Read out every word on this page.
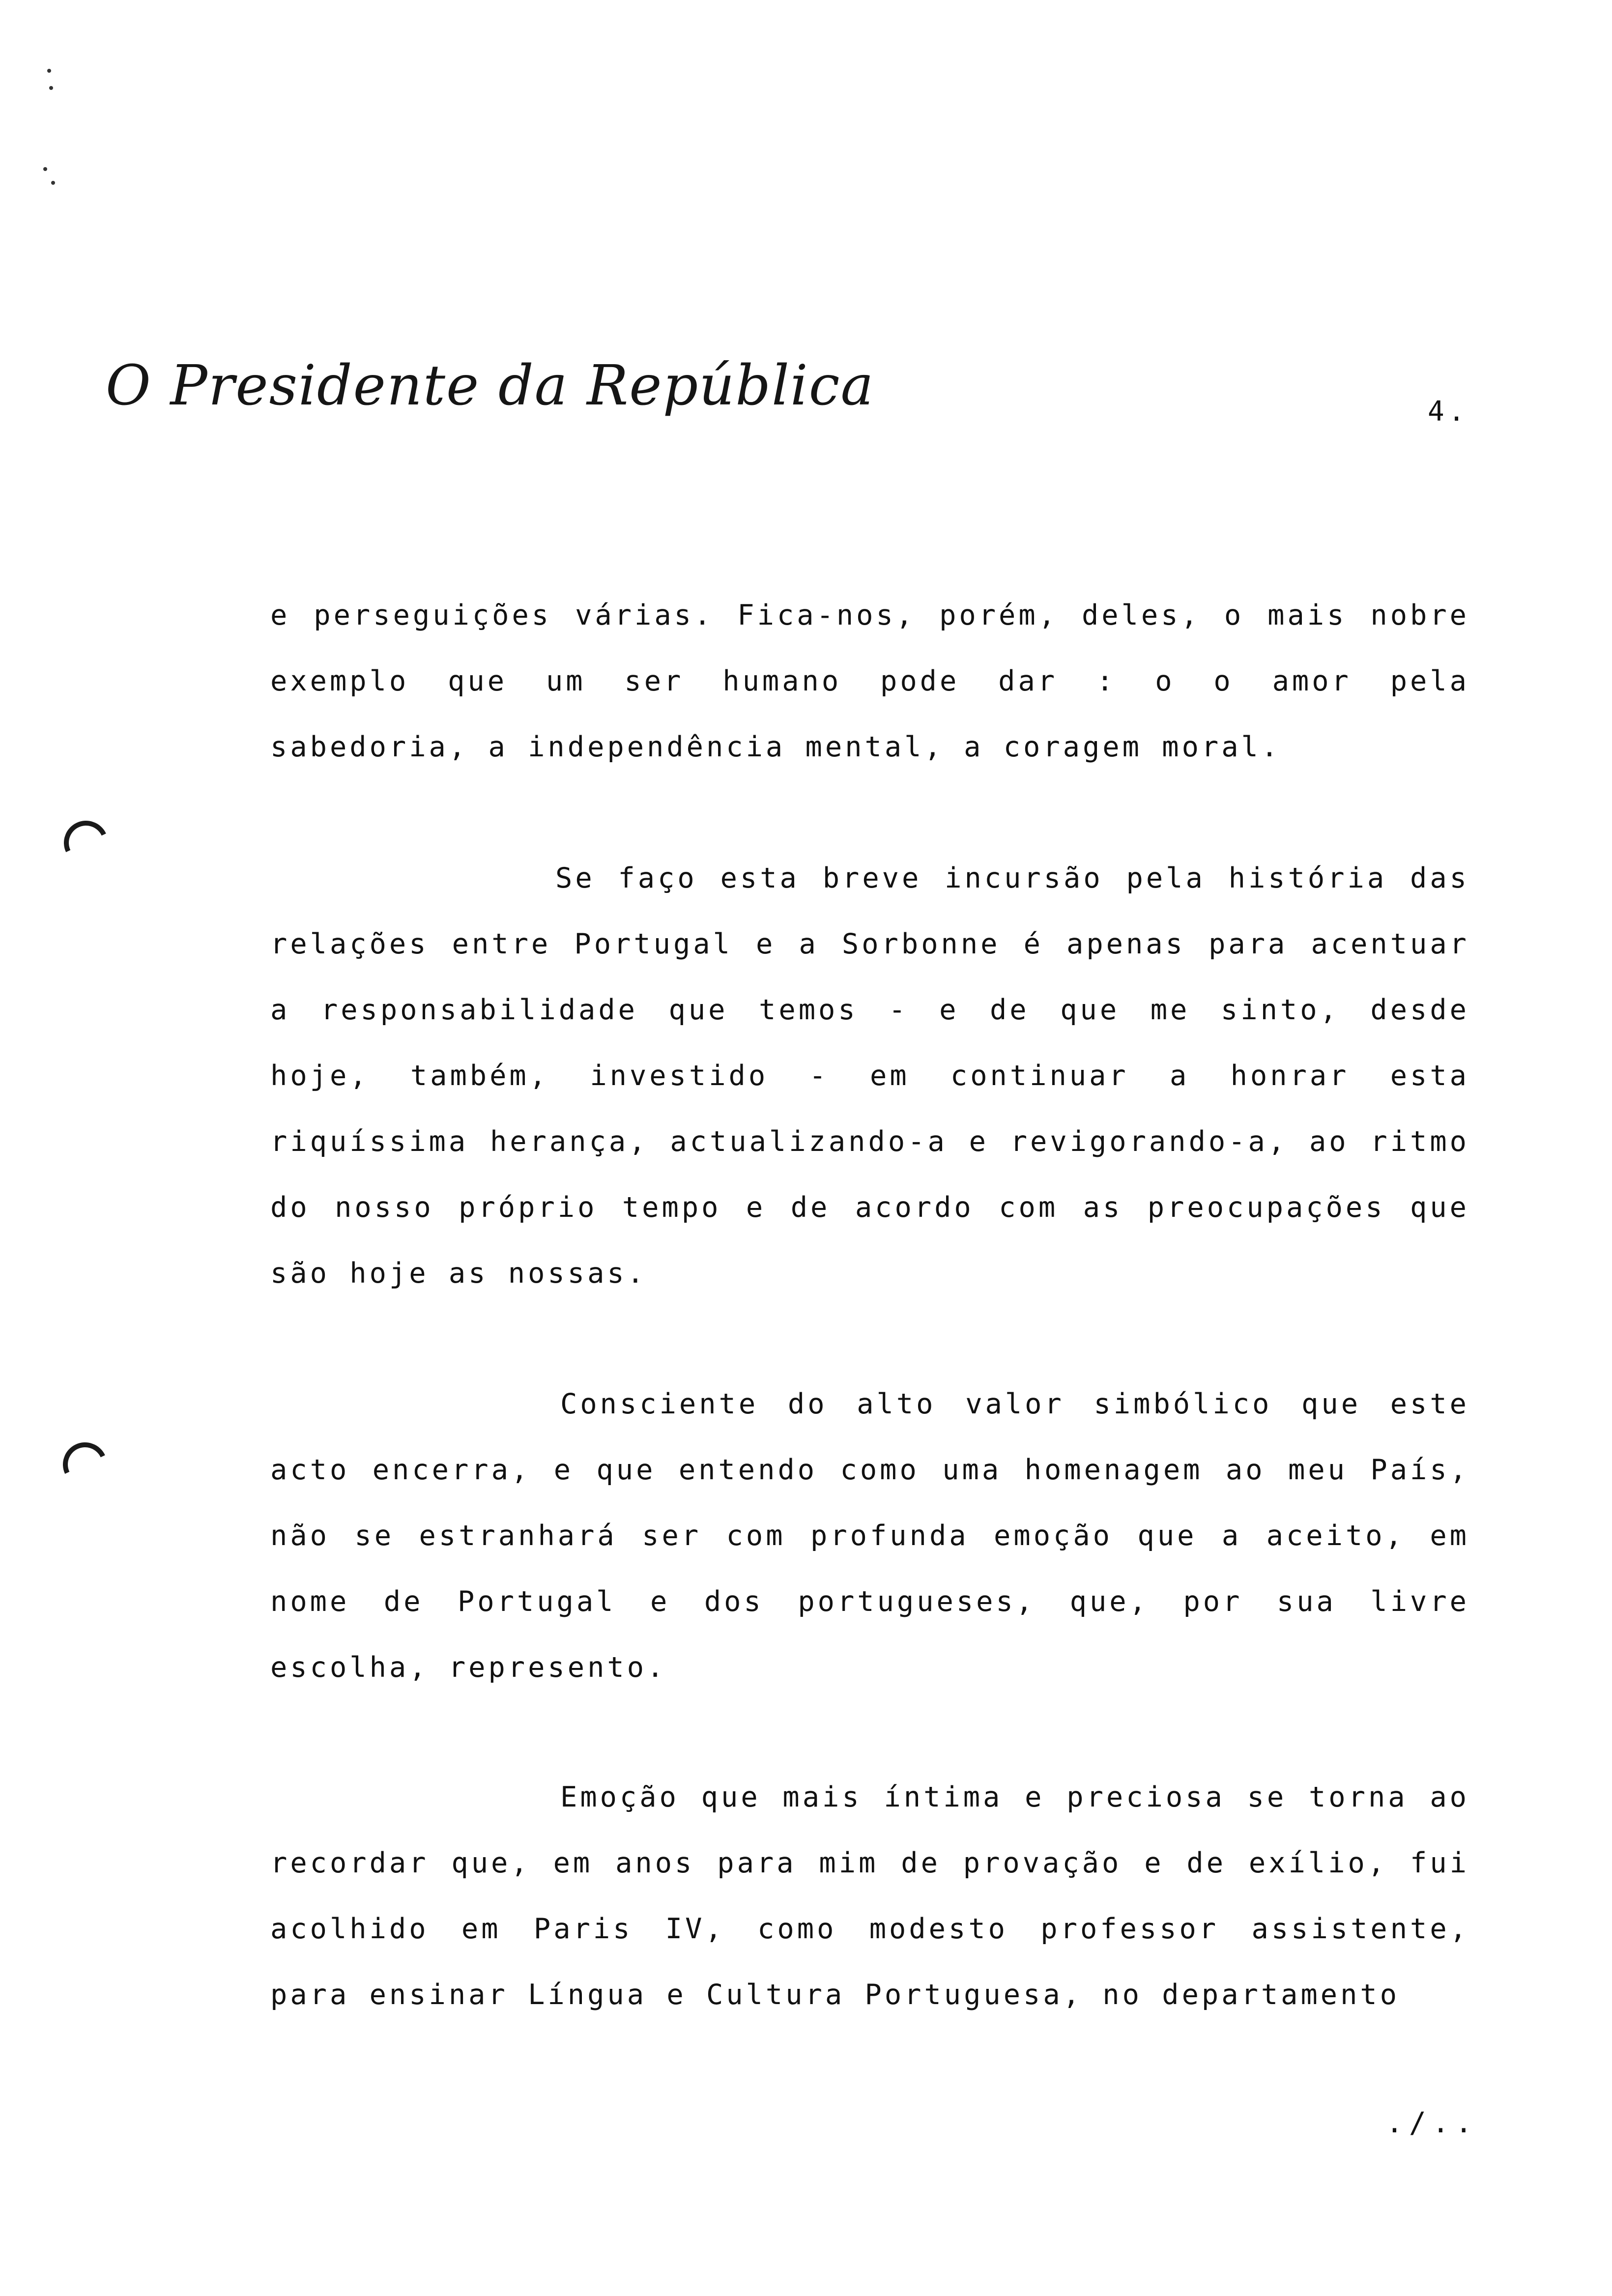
O Presidente da República	4.

e perseguições várias. Fica-nos, porém, deles, o mais nobre exemplo que um ser humano pode dar : o o amor pela sabedoria, a independência mental, a coragem moral.

Se faço esta breve incursão pela história das relações entre Portugal e a Sorbonne é apenas para acentuar a responsabilidade que temos - e de que me sinto, desde hoje, também, investido - em continuar a honrar esta riquíssima herança, actualizando-a e revigorando-a, ao ritmo do nosso próprio tempo e de acordo com as preocupações que são hoje as nossas.

Consciente do alto valor simbólico que este acto encerra, e que entendo como uma homenagem ao meu País, não se estranhará ser com profunda emoção que a aceito, em nome de Portugal e dos portugueses, que, por sua livre escolha, represento.

Emoção que mais íntima e preciosa se torna ao recordar que, em anos para mim de provação e de exílio, fui acolhido em Paris IV, como modesto professor assistente, para ensinar Língua e Cultura Portuguesa, no departamento

./..
